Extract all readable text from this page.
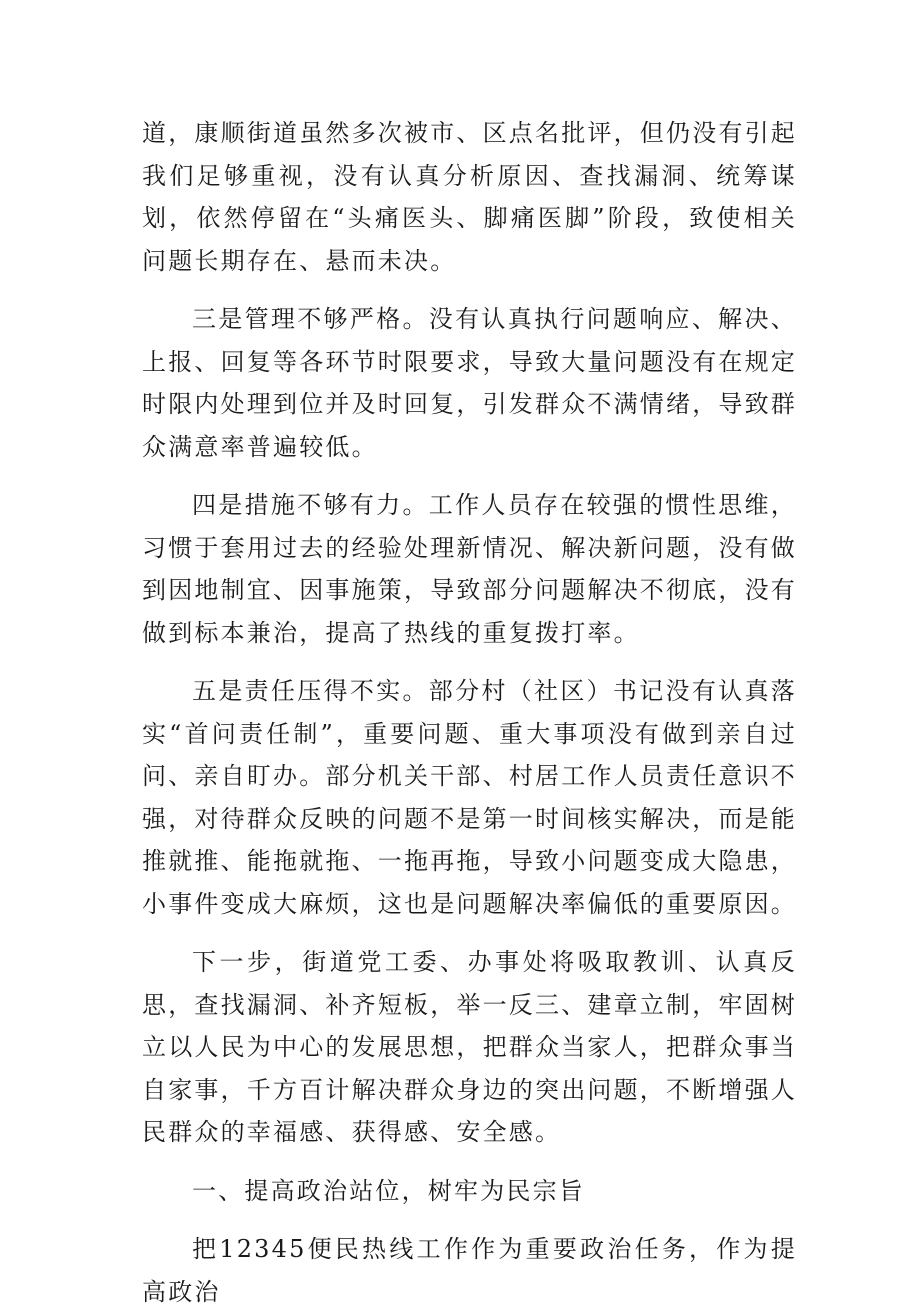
道，康顺街道虽然多次被市、区点名批评，但仍没有引起我们足够重视，没有认真分析原因、查找漏洞、统筹谋划，依然停留在“头痛医头、脚痛医脚”阶段，致使相关问题长期存在、悬而未决。

三是管理不够严格。没有认真执行问题响应、解决、上报、回复等各环节时限要求，导致大量问题没有在规定时限内处理到位并及时回复，引发群众不满情绪，导致群众满意率普遍较低。

四是措施不够有力。工作人员存在较强的惯性思维，习惯于套用过去的经验处理新情况、解决新问题，没有做到因地制宜、因事施策，导致部分问题解决不彻底，没有做到标本兼治，提高了热线的重复拨打率。

五是责任压得不实。部分村（社区）书记没有认真落实“首问责任制”，重要问题、重大事项没有做到亲自过问、亲自盯办。部分机关干部、村居工作人员责任意识不强，对待群众反映的问题不是第一时间核实解决，而是能推就推、能拖就拖、一拖再拖，导致小问题变成大隐患，小事件变成大麻烦，这也是问题解决率偏低的重要原因。

下一步，街道党工委、办事处将吸取教训、认真反思，查找漏洞、补齐短板，举一反三、建章立制，牢固树立以人民为中心的发展思想，把群众当家人，把群众事当自家事，千方百计解决群众身边的突出问题，不断增强人民群众的幸福感、获得感、安全感。

一、提高政治站位，树牢为民宗旨

把12345便民热线工作作为重要政治任务，作为提高政治
